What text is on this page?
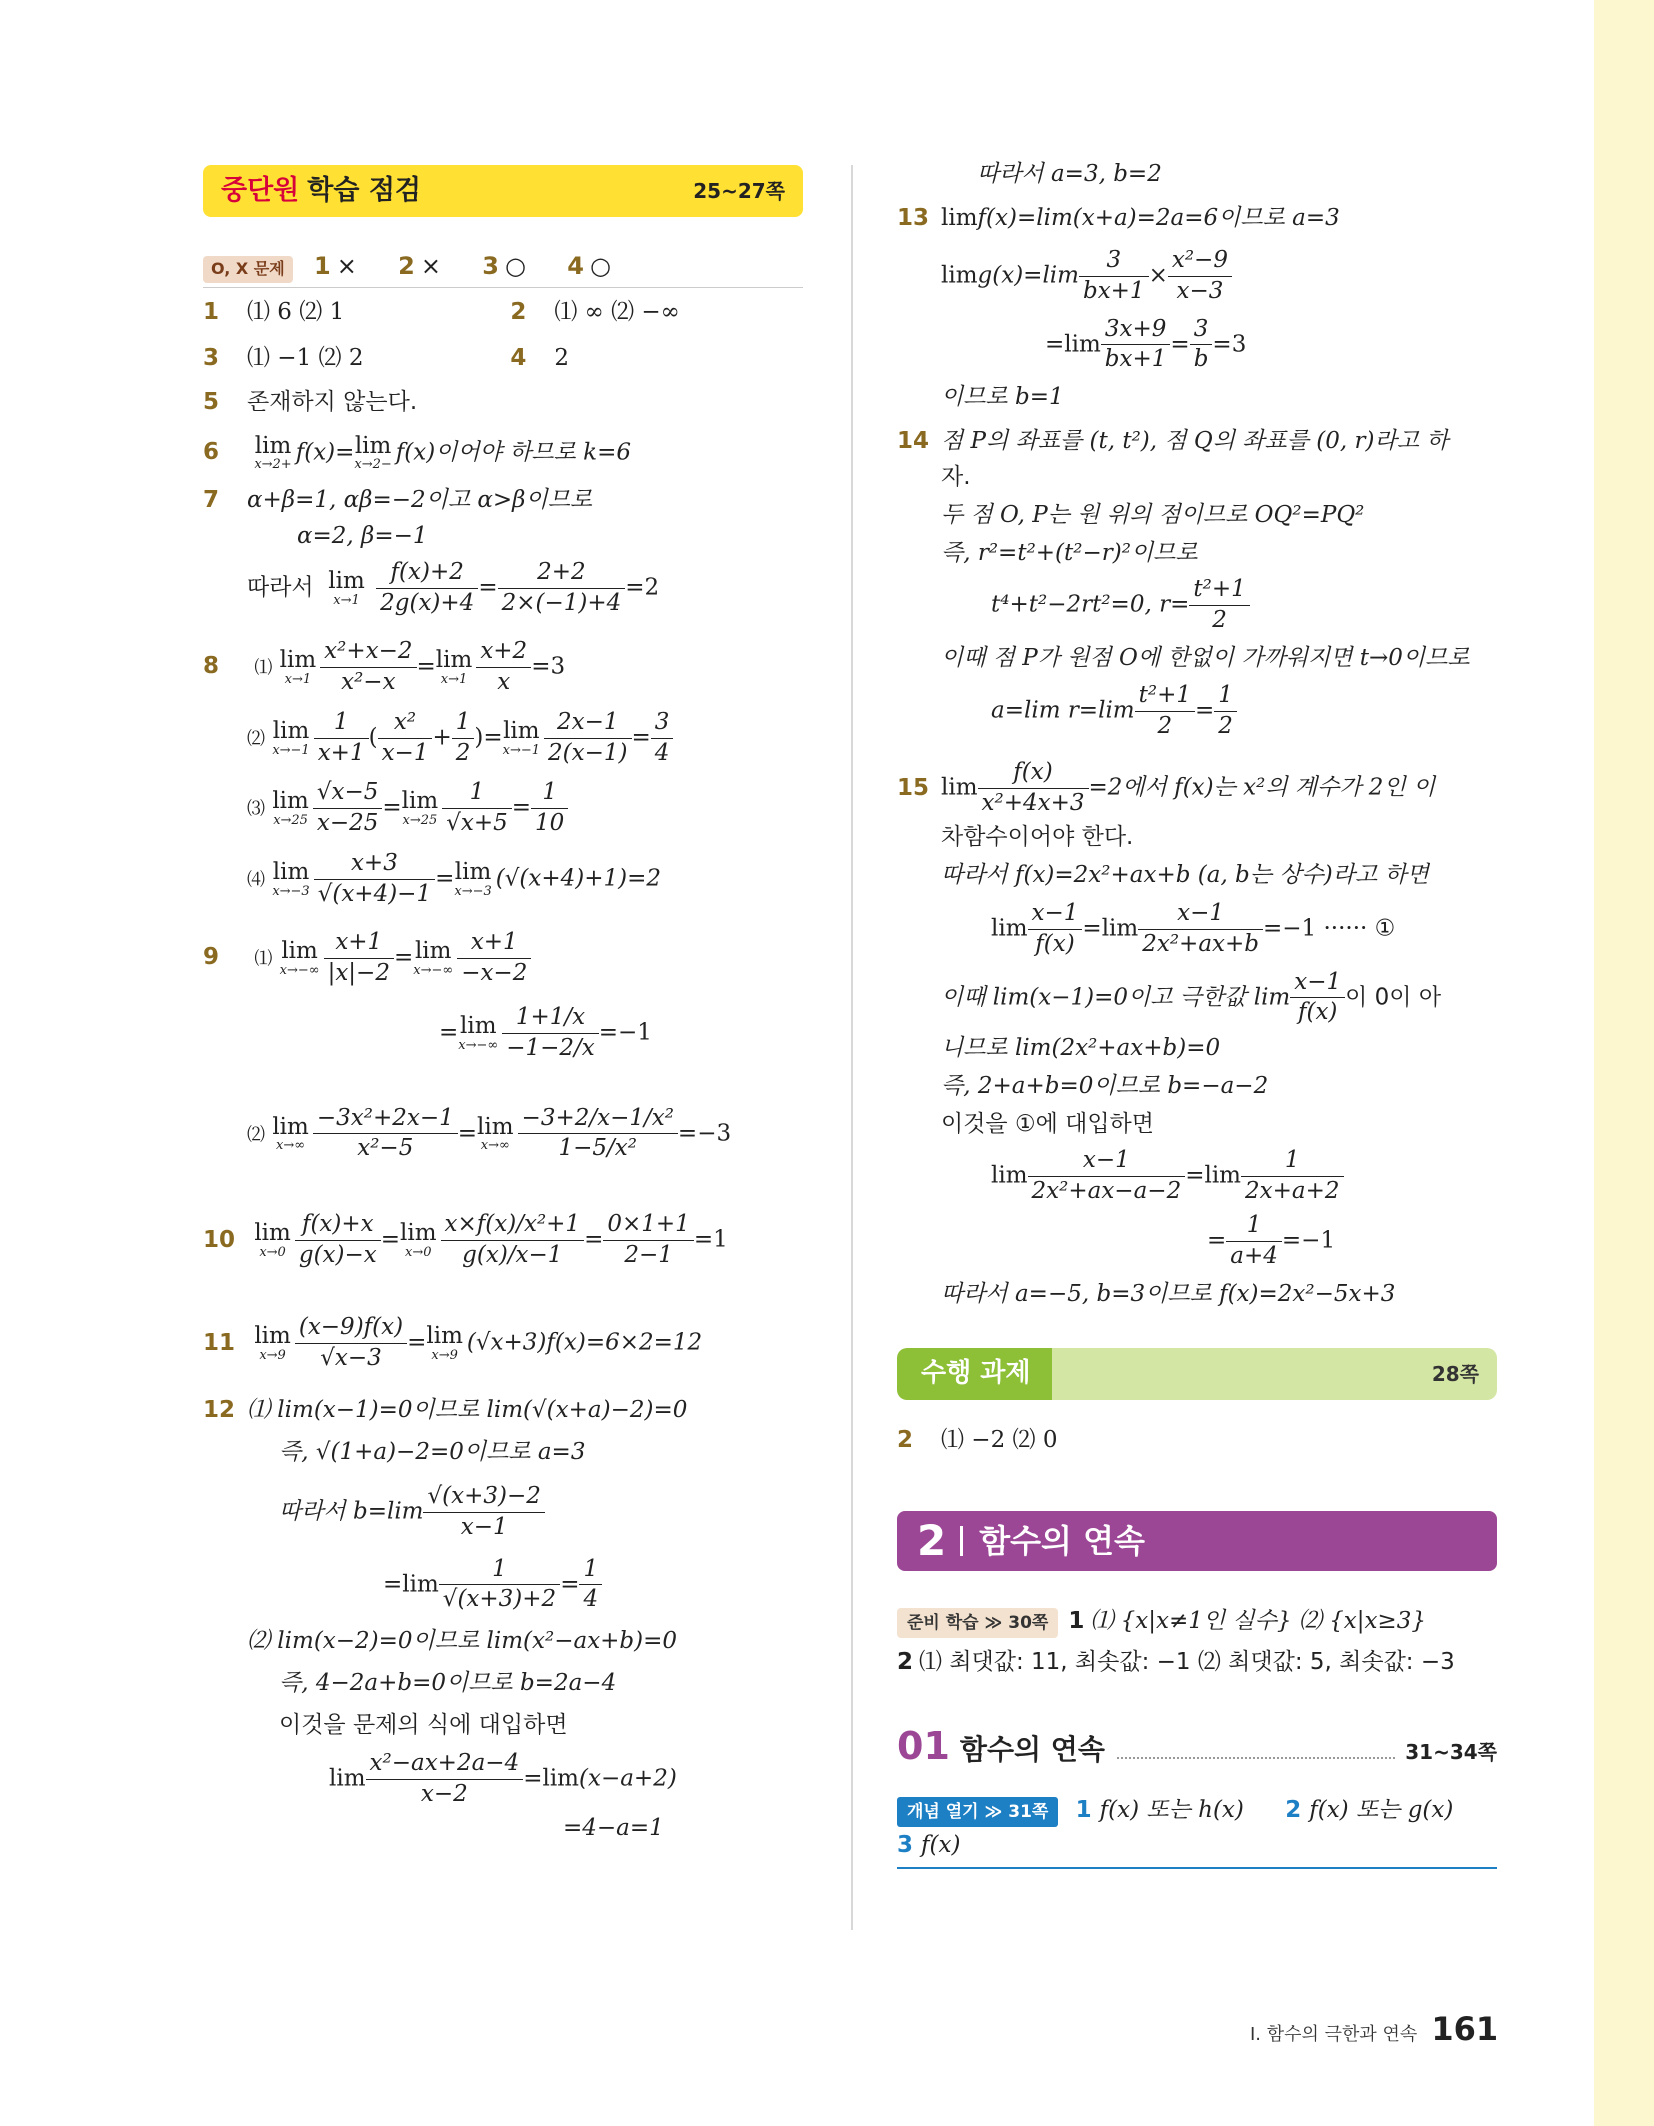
중단원 학습 점검	25~27쪽
O, X 문제 1 × 2 × 3 ○ 4 ○
1 ⑴ 6 ⑵ 1	2 ⑴ ∞ ⑵ −∞
3 ⑴ −1 ⑵ 2	4 2
5 존재하지 않는다.
6 lim
x→2+ f(x)= lim
x→2− f(x)이어야 하므로 k=6
7 α+β=1, αβ=−2이고 α>β이므로
α=2, β=−1
따라서 lim
x→1
$\frac{f(x)+2}{2g(x)+4} = \frac{2+2}{2\times(-1)+4} =2$
8 ⑴ lim
$x\to 1 \frac{\text{x²+x−2}}{\text{x²−x}} = \lim$
$x\to 1 \frac{x+2}{x} =3$
⑵ lim
$x\to-1 \frac{1}{x+1}$ ( $\frac{\text{x²}}{x-1} + \frac{1}{2}$ )= lim
$x\to-1 \frac{2x-1}{2(x-1)} = \frac{3}{4}$
⑶ lim
$x\to 25 \frac{√x-5}{x-25} = \lim$
$x\to 25 \frac{1}{√x+5} = \frac{1}{10}$
⑷ lim
$x\to-3 \frac{x+3}{√(x+4)-1} = \lim$
x→−3 (√(x+4)+1)=2
9 ⑴ lim
$x\to-\infty \frac{x+1}{|x|-2} = \lim$
$x\to-\infty \frac{x+1}{-x-2}$
= lim
$x\to-\infty \frac{1+1/x}{-1-2/x} =-1$
⑵ lim
$x\to\infty \frac{\text{−3x²+2x−1}}{\text{x²−5}} = \lim$
$x\to\infty \frac{\text{−3+2/x−1/x²}}{\text{1−5/x²}} =-3$
10 lim
$x\to 0 \frac{f(x)+x}{g(x)-x} = \lim$
$x\to 0 \frac{\text{x×f(x)/x²+1}}{g(x)/x-1} = \frac{0\times 1+1}{2-1} =1$
11 lim
$x\to 9 \frac{(x-9)f(x)}{√x-3} = \lim$
x→9 (√x+3)f(x)=6×2=12
12 ⑴ lim(x−1)=0이므로 lim(√(x+a)−2)=0
즉, √(1+a)−2=0이므로 a=3
따라서 $b=\lim \frac{√(x+3)-2}{x-1}$
$=\lim \frac{1}{√(x+3)+2} = \frac{1}{4}$
⑵ lim(x−2)=0이므로 lim(x²−ax+b)=0
즉, 4−2a+b=0이므로 b=2a−4
이것을 문제의 식에 대입하면
$\lim \frac{\text{x²−ax+2a−4}}{x-2} =\lim(x-a+2)$
=4−a=1
따라서 a=3, b=2
13 limf(x)=lim(x+a)=2a=6이므로 a=3
$\lim g(x)=\lim \frac{3}{bx+1} \times \frac{\text{x²−9}}{x-3}$
$=\lim \frac{3x+9}{bx+1} = \frac{3}{b} =3$
이므로 b=1
14 점 P의 좌표를 (t, t²), 점 Q의 좌표를 (0, r)라고 하
자.
두 점 O, P는 원 위의 점이므로 OQ²=PQ²
즉, r²=t²+(t²−r)²이므로
t⁴+t²−2rt²=0, $r= \frac{\text{t²+1}}{2}$
이때 점 P가 원점 O에 한없이 가까워지면 t→0이므로
a=lim $r=\lim \frac{\text{t²+1}}{2} = \frac{1}{2}$
15 $\lim \frac{f(x)}{\text{x²+4x+3}} =2$에서 f(x)는 x²의 계수가 2인 이
차함수이어야 한다.
따라서 f(x)=2x²+ax+b (a, b는 상수)라고 하면
$\lim \frac{x-1}{f(x)} =\lim \frac{x-1}{\text{2x²+ax+b}} =-1$ ······ ①
이때 lim(x−1)=0이고 극한값 $\lim \frac{x-1}{f(x)}$ 이 0이 아
니므로 lim(2x²+ax+b)=0
즉, 2+a+b=0이므로 b=−a−2
이것을 ①에 대입하면
$\lim \frac{x-1}{\text{2x²+ax−a−2}} =\lim \frac{1}{2x+a+2}$
= $\frac{1}{a+4} =-1$
따라서 a=−5, b=3이므로 f(x)=2x²−5x+3
수행 과제	28쪽
2 ⑴ −2 ⑵ 0
2 함수의 연속
준비 학습 ≫ 30쪽 1 ⑴ {x|x≠1인 실수} ⑵ {x|x≥3}
2 ⑴ 최댓값: 11, 최솟값: −1 ⑵ 최댓값: 5, 최솟값: −3
01 함수의 연속	31~34쪽
개념 열기 ≫ 31쪽 1 f(x) 또는 h(x) 2 f(x) 또는 g(x)
3 f(x)
Ⅰ. 함수의 극한과 연속 161
